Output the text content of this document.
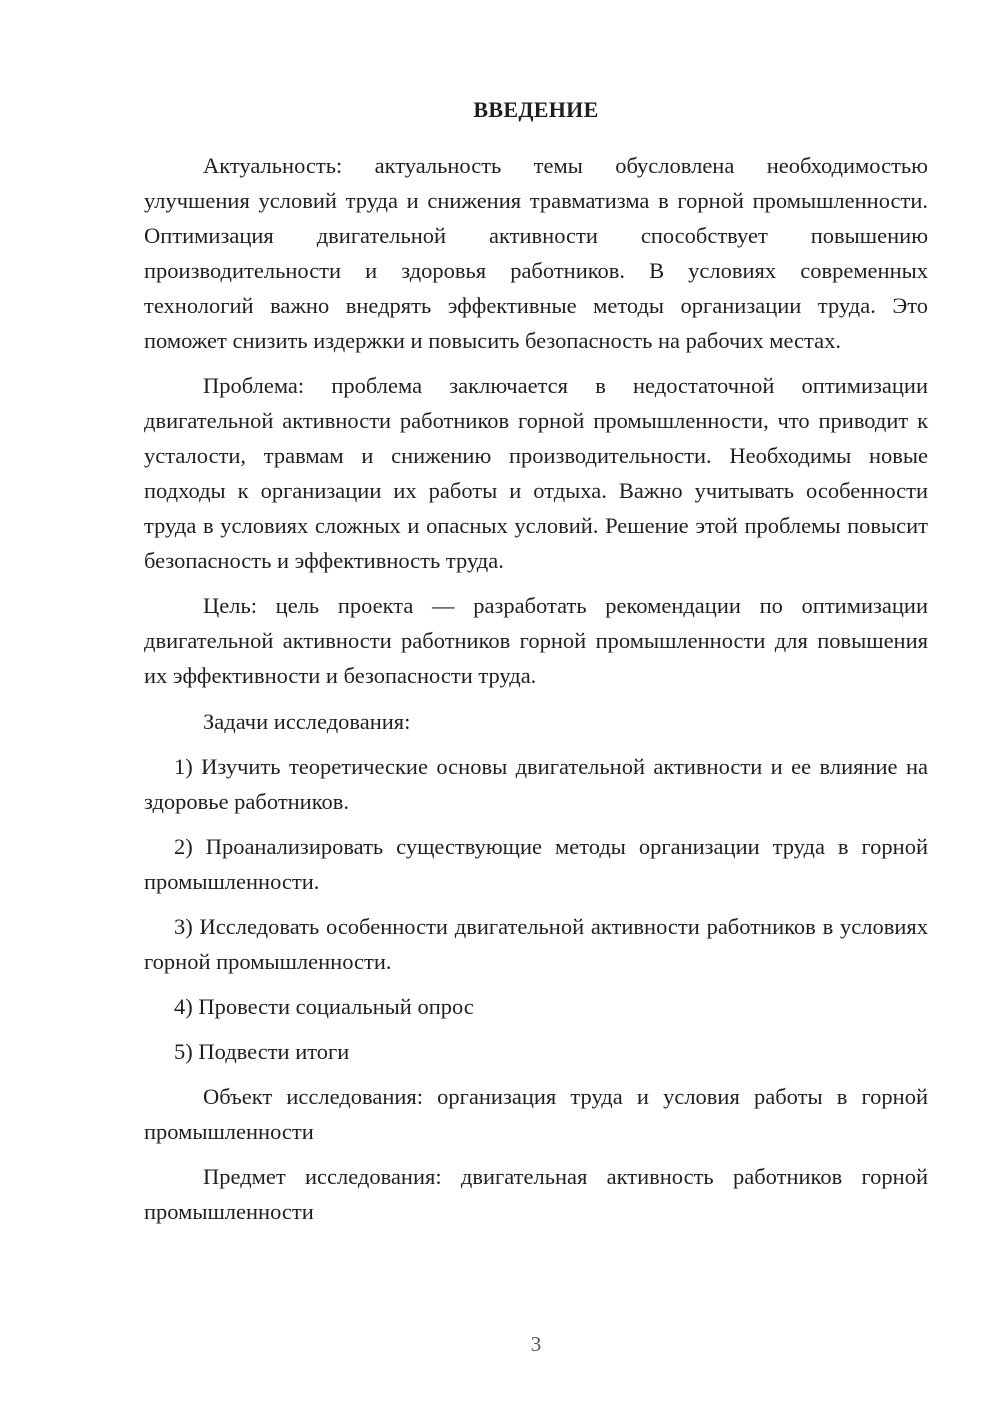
ВВЕДЕНИЕ

Актуальность: актуальность темы обусловлена необходимостью улучшения условий труда и снижения травматизма в горной промышленности. Оптимизация двигательной активности способствует повышению производительности и здоровья работников. В условиях современных технологий важно внедрять эффективные методы организации труда. Это поможет снизить издержки и повысить безопасность на рабочих местах.

Проблема: проблема заключается в недостаточной оптимизации двигательной активности работников горной промышленности, что приводит к усталости, травмам и снижению производительности. Необходимы новые подходы к организации их работы и отдыха. Важно учитывать особенности труда в условиях сложных и опасных условий. Решение этой проблемы повысит безопасность и эффективность труда.

Цель: цель проекта — разработать рекомендации по оптимизации двигательной активности работников горной промышленности для повышения их эффективности и безопасности труда.

Задачи исследования:

1) Изучить теоретические основы двигательной активности и ее влияние на здоровье работников.

2) Проанализировать существующие методы организации труда в горной промышленности.

3) Исследовать особенности двигательной активности работников в условиях горной промышленности.

4) Провести социальный опрос

5) Подвести итоги

Объект исследования: организация труда и условия работы в горной промышленности

Предмет исследования: двигательная активность работников горной промышленности

3
